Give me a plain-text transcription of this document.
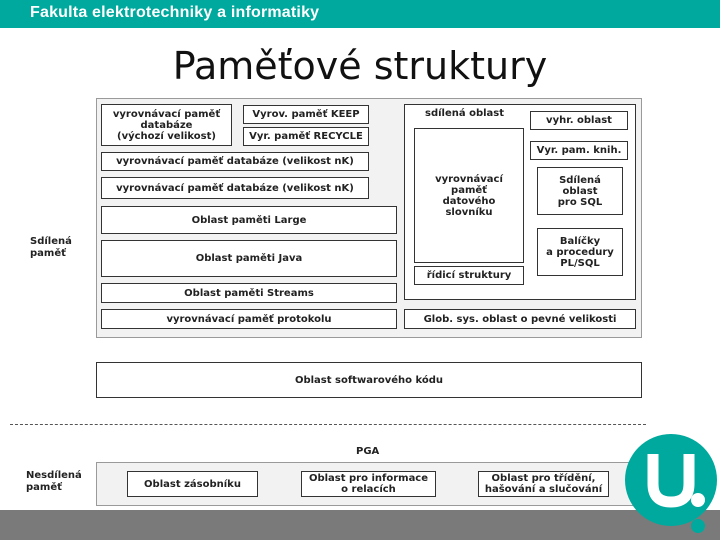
Fakulta elektrotechniky a informatiky
Paměťové struktury
Sdílená
paměť
vyrovnávací paměť
databáze
(výchozí velikost)
Vyrov. paměť KEEP
Vyr. paměť RECYCLE
vyrovnávací paměť databáze (velikost nK)
vyrovnávací paměť databáze (velikost nK)
Oblast paměti Large
Oblast paměti Java
Oblast paměti Streams
vyrovnávací paměť protokolu
sdílená oblast
vyhr. oblast
Vyr. pam. knih.
vyrovnávací
paměť
datového
slovníku
Sdílená
oblast
pro SQL
Balíčky
a procedury
PL/SQL
řídicí struktury
Glob. sys. oblast o pevné velikosti
Oblast softwarového kódu
PGA
Nesdílená
paměť	Oblast zásobníku	Oblast pro informace
o relacích
Oblast pro třídění,
hašování a slučování
